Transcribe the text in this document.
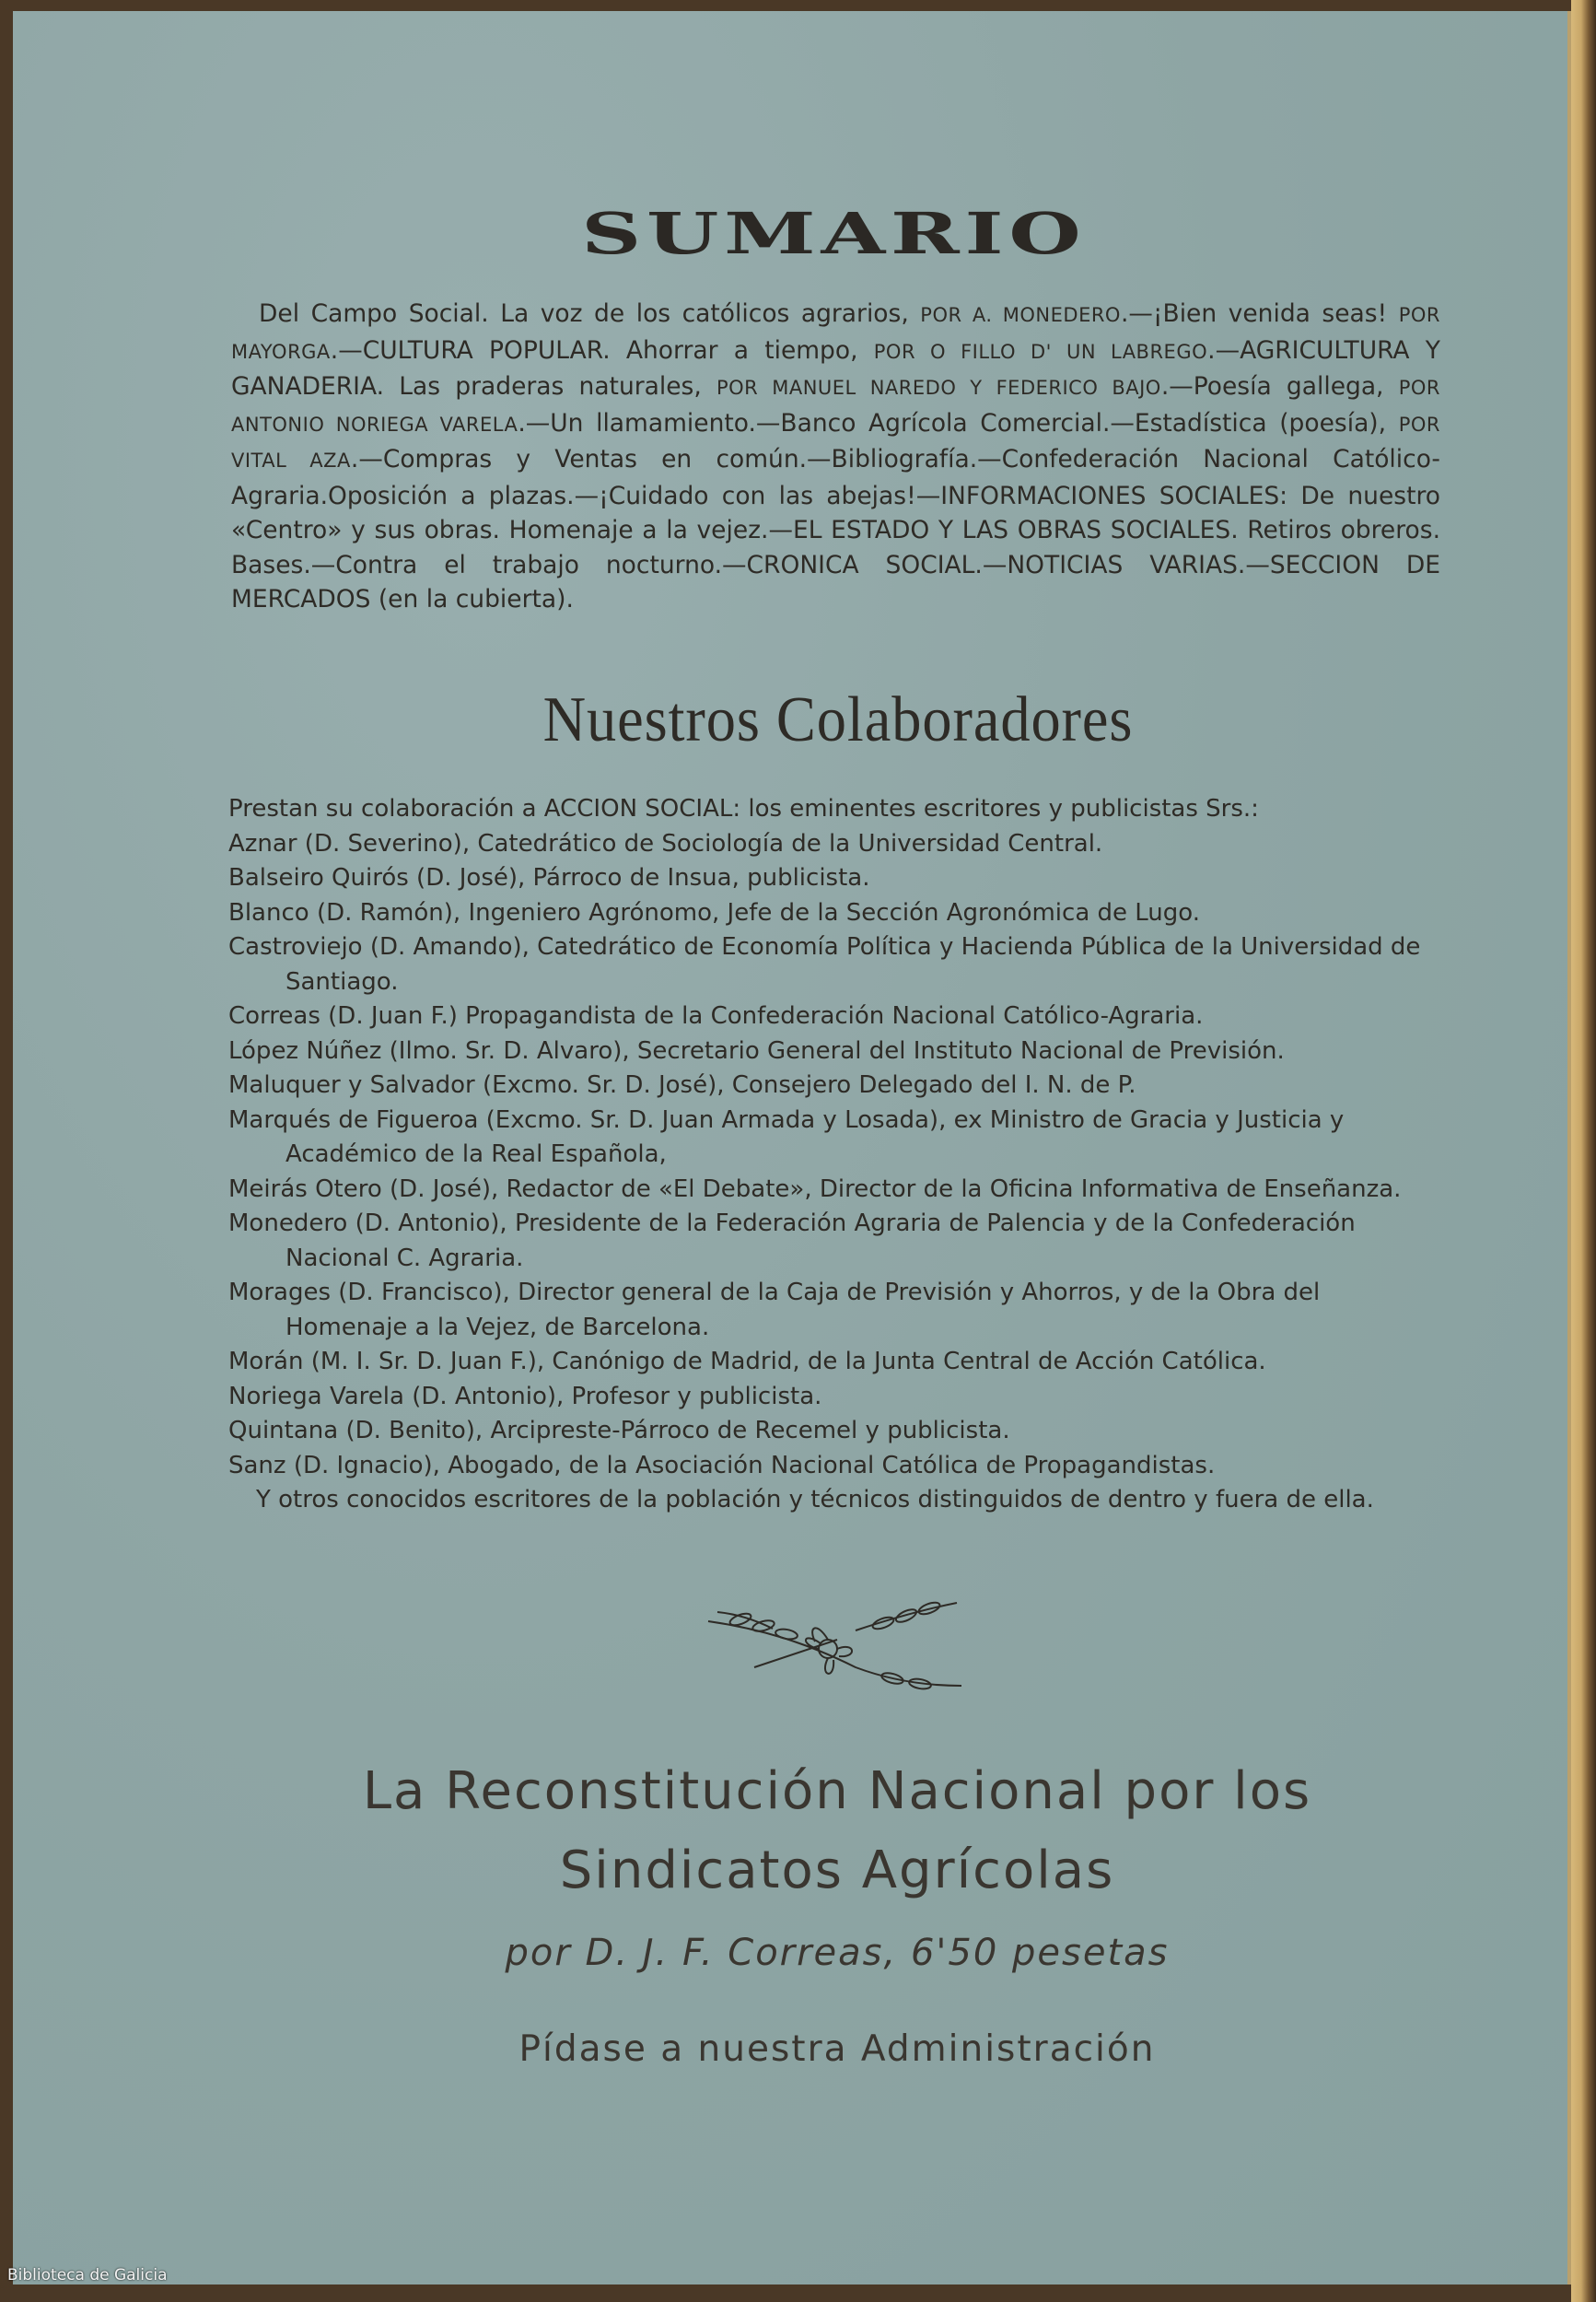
SUMARIO

Del Campo Social. La voz de los católicos agrarios, POR A. MONEDERO.—¡Bien venida seas! POR MAYORGA.—CULTURA POPULAR. Ahorrar a tiempo, POR O FILLO D' UN LABREGO.—AGRICULTURA Y GANADERIA. Las praderas naturales, POR MANUEL NAREDO Y FEDERICO BAJO.—Poesía gallega, POR ANTONIO NORIEGA VARELA.—Un llamamiento.—Banco Agrícola Comercial.—Estadística (poesía), POR VITAL AZA.—Compras y Ventas en común.—Bibliografía.—Confederación Nacional Católico-Agraria.Oposición a plazas.—¡Cuidado con las abejas!—INFORMACIONES SOCIALES: De nuestro «Centro» y sus obras. Homenaje a la vejez.—EL ESTADO Y LAS OBRAS SOCIALES. Retiros obreros. Bases.—Contra el trabajo nocturno.—CRONICA SOCIAL.—NOTICIAS VARIAS.—SECCION DE MERCADOS (en la cubierta).

Nuestros Colaboradores

Prestan su colaboración a ACCION SOCIAL: los eminentes escritores y publicistas Srs.:

Aznar (D. Severino), Catedrático de Sociología de la Universidad Central.
Balseiro Quirós (D. José), Párroco de Insua, publicista.
Blanco (D. Ramón), Ingeniero Agrónomo, Jefe de la Sección Agronómica de Lugo.
Castroviejo (D. Amando), Catedrático de Economía Política y Hacienda Pública de la Universidad de Santiago.
Correas (D. Juan F.) Propagandista de la Confederación Nacional Católico-Agraria.
López Núñez (Ilmo. Sr. D. Alvaro), Secretario General del Instituto Nacional de Previsión.
Maluquer y Salvador (Excmo. Sr. D. José), Consejero Delegado del I. N. de P.
Marqués de Figueroa (Excmo. Sr. D. Juan Armada y Losada), ex Ministro de Gracia y Justicia y Académico de la Real Española,
Meirás Otero (D. José), Redactor de «El Debate», Director de la Oficina Informativa de Enseñanza.
Monedero (D. Antonio), Presidente de la Federación Agraria de Palencia y de la Confederación Nacional C. Agraria.
Morages (D. Francisco), Director general de la Caja de Previsión y Ahorros, y de la Obra del Homenaje a la Vejez, de Barcelona.
Morán (M. I. Sr. D. Juan F.), Canónigo de Madrid, de la Junta Central de Acción Católica.
Noriega Varela (D. Antonio), Profesor y publicista.
Quintana (D. Benito), Arcipreste-Párroco de Recemel y publicista.
Sanz (D. Ignacio), Abogado, de la Asociación Nacional Católica de Propagandistas.

Y otros conocidos escritores de la población y técnicos distinguidos de dentro y fuera de ella.

La Reconstitución Nacional por los
Sindicatos Agrícolas
por D. J. F. Correas, 6'50 pesetas
Pídase a nuestra Administración
Biblioteca de Galicia
